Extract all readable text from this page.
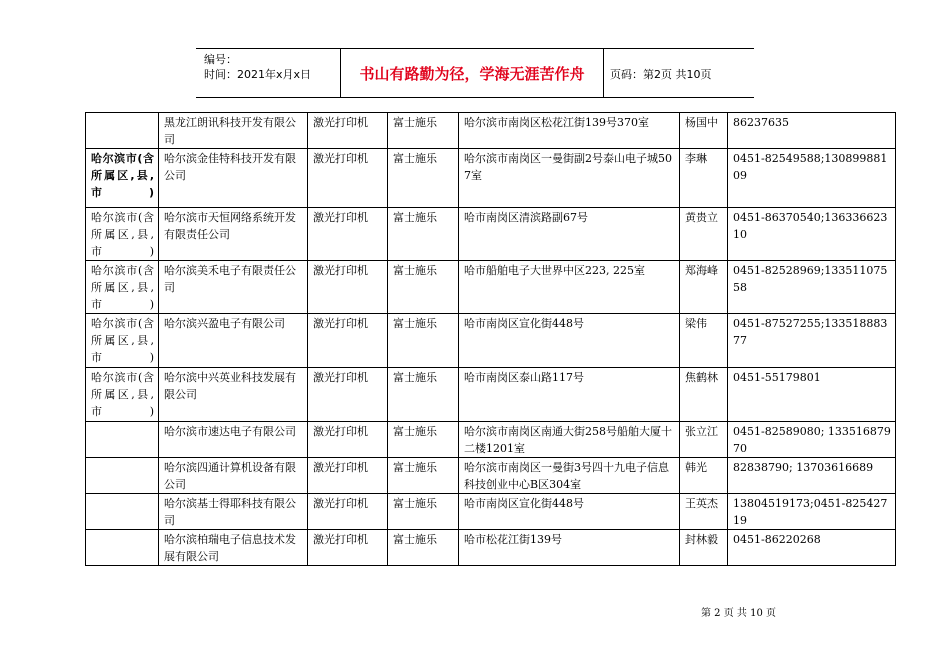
编号：
时间：2021年x月x日	书山有路勤为径，学海无涯苦作舟	页码：第2页 共10页
	黑龙江朗讯科技开发有限公司	激光打印机	富士施乐	哈尔滨市南岗区松花江街139号370室	杨国中	86237635
哈尔滨市(含所属区,县,市)	哈尔滨金佳特科技开发有限公司	激光打印机	富士施乐	哈尔滨市南岗区一曼街副2号泰山电子城507室	李琳	0451-82549588;13089988109
哈尔滨市(含所属区,县,市)	哈尔滨市天恒网络系统开发有限责任公司	激光打印机	富士施乐	哈市南岗区清滨路副67号	黄贵立	0451-86370540;13633662310
哈尔滨市(含所属区,县,市)	哈尔滨美禾电子有限责任公司	激光打印机	富士施乐	哈市船舶电子大世界中区223, 225室	郑海峰	0451-82528969;13351107558
哈尔滨市(含所属区,县,市)	哈尔滨兴盈电子有限公司	激光打印机	富士施乐	哈市南岗区宣化街448号	梁伟	0451-87527255;13351888377
哈尔滨市(含所属区,县,市)	哈尔滨中兴英业科技发展有限公司	激光打印机	富士施乐	哈市南岗区泰山路117号	焦鹤林	0451-55179801
	哈尔滨市速达电子有限公司	激光打印机	富士施乐	哈尔滨市南岗区南通大街258号船舶大厦十二楼1201室	张立江	0451-82589080; 13351687970
	哈尔滨四通计算机设备有限公司	激光打印机	富士施乐	哈尔滨市南岗区一曼街3号四十九电子信息科技创业中心B区304室	韩光	82838790; 13703616689
	哈尔滨基士得耶科技有限公司	激光打印机	富士施乐	哈市南岗区宣化街448号	王英杰	13804519173;0451-82542719
	哈尔滨柏瑞电子信息技术发展有限公司	激光打印机	富士施乐	哈市松花江街139号	封林毅	0451-86220268
第 2 页 共 10 页
